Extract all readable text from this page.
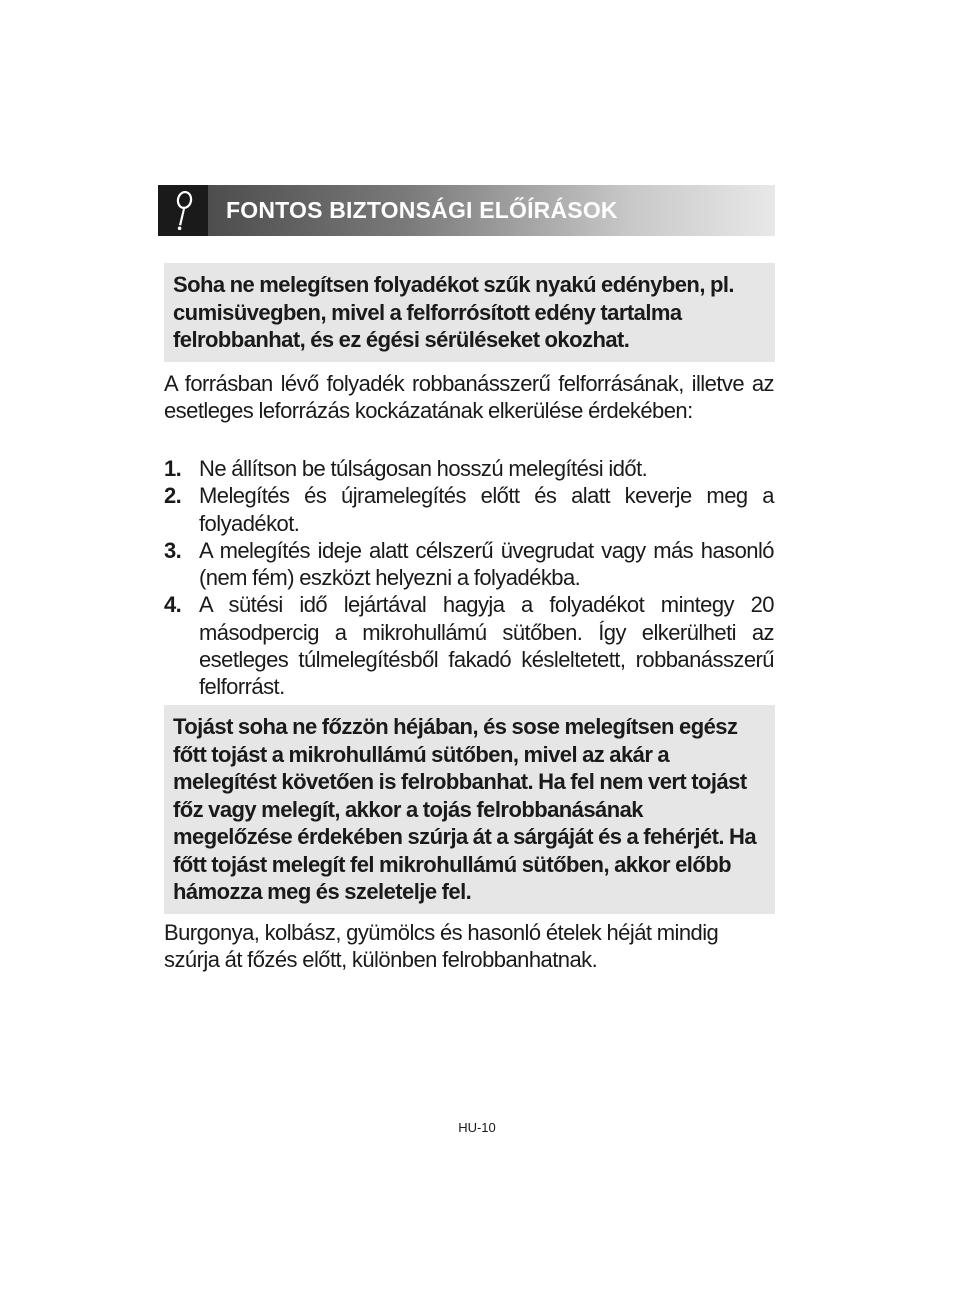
FONTOS BIZTONSÁGI ELŐÍRÁSOK

Soha ne melegítsen folyadékot szűk nyakú edényben, pl. cumisüvegben, mivel a felforrósított edény tartalma felrobbanhat, és ez égési sérüléseket okozhat.

A forrásban lévő folyadék robbanásszerű felforrásának, illetve az esetleges leforrázás kockázatának elkerülése érdekében:

1. Ne állítson be túlságosan hosszú melegítési időt.
2. Melegítés és újramelegítés előtt és alatt keverje meg a folyadékot.
3. A melegítés ideje alatt célszerű üvegrudat vagy más hasonló (nem fém) eszközt helyezni a folyadékba.
4. A sütési idő lejártával hagyja a folyadékot mintegy 20 másodpercig a mikrohullámú sütőben. Így elkerülheti az esetleges túlmelegítésből fakadó késleltetett, robbanásszerű felforrást.

Tojást soha ne főzzön héjában, és sose melegítsen egész főtt tojást a mikrohullámú sütőben, mivel az akár a melegítést követően is felrobbanhat. Ha fel nem vert tojást főz vagy melegít, akkor a tojás felrobbanásának megelőzése érdekében szúrja át a sárgáját és a fehérjét. Ha főtt tojást melegít fel mikrohullámú sütőben, akkor előbb hámozza meg és szeletelje fel.

Burgonya, kolbász, gyümölcs és hasonló ételek héját mindig szúrja át főzés előtt, különben felrobbanhatnak.

HU-10
